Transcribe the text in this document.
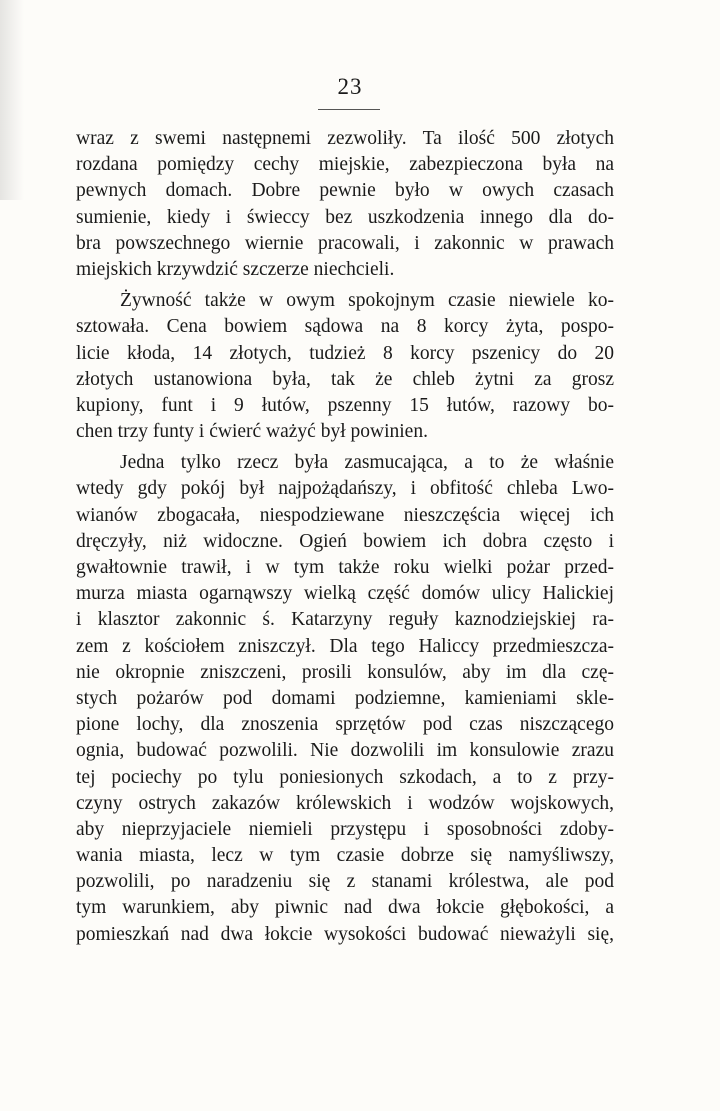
23
wraz z swemi następnemi zezwoliły. Ta ilość 500 złotych
rozdana pomiędzy cechy miejskie, zabezpieczona była na
pewnych domach. Dobre pewnie było w owych czasach
sumienie, kiedy i świeccy bez uszkodzenia innego dla do-
bra powszechnego wiernie pracowali, i zakonnic w prawach
miejskich krzywdzić szczerze niechcieli.
Żywność także w owym spokojnym czasie niewiele ko-
sztowała. Cena bowiem sądowa na 8 korcy żyta, pospo-
licie kłoda, 14 złotych, tudzież 8 korcy pszenicy do 20
złotych ustanowiona była, tak że chleb żytni za grosz
kupiony, funt i 9 łutów, pszenny 15 łutów, razowy bo-
chen trzy funty i ćwierć ważyć był powinien.
Jedna tylko rzecz była zasmucająca, a to że właśnie
wtedy gdy pokój był najpożądańszy, i obfitość chleba Lwo-
wianów zbogacała, niespodziewane nieszczęścia więcej ich
dręczyły, niż widoczne. Ogień bowiem ich dobra często i
gwałtownie trawił, i w tym także roku wielki pożar przed-
murza miasta ogarnąwszy wielką część domów ulicy Halickiej
i klasztor zakonnic ś. Katarzyny reguły kaznodziejskiej ra-
zem z kościołem zniszczył. Dla tego Haliccy przedmieszcza-
nie okropnie zniszczeni, prosili konsulów, aby im dla czę-
stych pożarów pod domami podziemne, kamieniami skle-
pione lochy, dla znoszenia sprzętów pod czas niszczącego
ognia, budować pozwolili. Nie dozwolili im konsulowie zrazu
tej pociechy po tylu poniesionych szkodach, a to z przy-
czyny ostrych zakazów królewskich i wodzów wojskowych,
aby nieprzyjaciele niemieli przystępu i sposobności zdoby-
wania miasta, lecz w tym czasie dobrze się namyśliwszy,
pozwolili, po naradzeniu się z stanami królestwa, ale pod
tym warunkiem, aby piwnic nad dwa łokcie głębokości, a
pomieszkań nad dwa łokcie wysokości budować nieważyli się,
